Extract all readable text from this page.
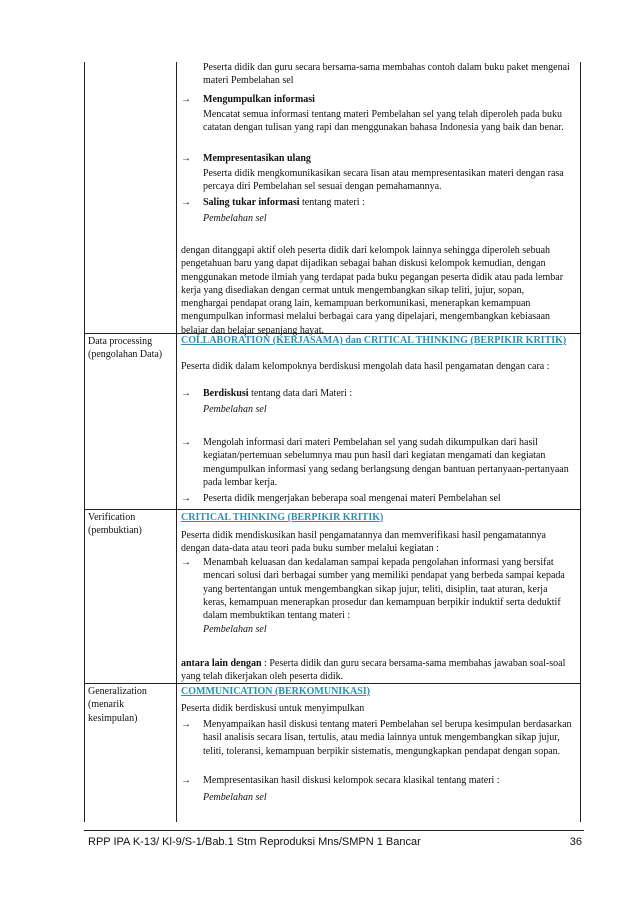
Peserta didik dan guru secara bersama-sama membahas contoh dalam buku paket mengenai materi Pembelahan sel
→ Mengumpulkan informasi
Mencatat semua informasi tentang materi Pembelahan sel yang telah diperoleh pada buku catatan dengan tulisan yang rapi dan menggunakan bahasa Indonesia yang baik dan benar.
→ Mempresentasikan ulang
Peserta didik mengkomunikasikan secara lisan atau mempresentasikan materi dengan rasa percaya diri Pembelahan sel sesuai dengan pemahamannya.
→ Saling tukar informasi tentang materi :
Pembelahan sel
dengan ditanggapi aktif oleh peserta didik dari kelompok lainnya sehingga diperoleh sebuah pengetahuan baru yang dapat dijadikan sebagai bahan diskusi kelompok kemudian, dengan menggunakan metode ilmiah yang terdapat pada buku pegangan peserta didik atau pada lembar kerja yang disediakan dengan cermat untuk mengembangkan sikap teliti, jujur, sopan, menghargai pendapat orang lain, kemampuan berkomunikasi, menerapkan kemampuan mengumpulkan informasi melalui berbagai cara yang dipelajari, mengembangkan kebiasaan belajar dan belajar sepanjang hayat.
Data processing (pengolahan Data)
COLLABORATION (KERJASAMA) dan CRITICAL THINKING (BERPIKIR KRITIK)
Peserta didik dalam kelompoknya berdiskusi mengolah data hasil pengamatan dengan cara :
→ Berdiskusi tentang data dari Materi :
Pembelahan sel
→ Mengolah informasi dari materi Pembelahan sel yang sudah dikumpulkan dari hasil kegiatan/pertemuan sebelumnya mau pun hasil dari kegiatan mengamati dan kegiatan mengumpulkan informasi yang sedang berlangsung dengan bantuan pertanyaan-pertanyaan pada lembar kerja.
→ Peserta didik mengerjakan beberapa soal mengenai materi Pembelahan sel
Verification (pembuktian)
CRITICAL THINKING (BERPIKIR KRITIK)
Peserta didik mendiskusikan hasil pengamatannya dan memverifikasi hasil pengamatannya dengan data-data atau teori pada buku sumber melalui kegiatan :
→ Menambah keluasan dan kedalaman sampai kepada pengolahan informasi yang bersifat mencari solusi dari berbagai sumber yang memiliki pendapat yang berbeda sampai kepada yang bertentangan untuk mengembangkan sikap jujur, teliti, disiplin, taat aturan, kerja keras, kemampuan menerapkan prosedur dan kemampuan berpikir induktif serta deduktif dalam membuktikan tentang materi :
Pembelahan sel
antara lain dengan : Peserta didik dan guru secara bersama-sama membahas jawaban soal-soal yang telah dikerjakan oleh peserta didik.
Generalization (menarik kesimpulan)
COMMUNICATION (BERKOMUNIKASI)
Peserta didik berdiskusi untuk menyimpulkan
→ Menyampaikan hasil diskusi tentang materi Pembelahan sel berupa kesimpulan berdasarkan hasil analisis secara lisan, tertulis, atau media lainnya untuk mengembangkan sikap jujur, teliti, toleransi, kemampuan berpikir sistematis, mengungkapkan pendapat dengan sopan.
→ Mempresentasikan hasil diskusi kelompok secara klasikal tentang materi :
Pembelahan sel
RPP IPA K-13/ Kl-9/S-1/Bab.1 Stm Reproduksi Mns/SMPN 1 Bancar	36
